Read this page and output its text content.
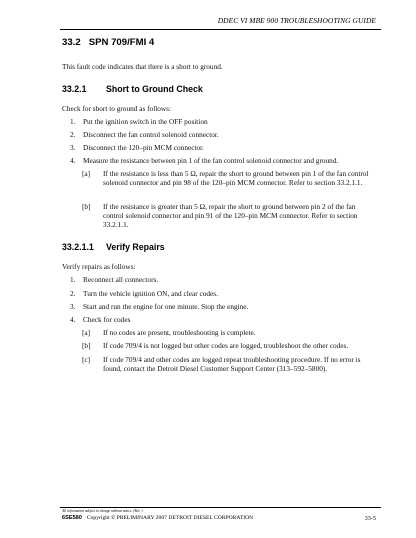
DDEC VI MBE 900 TROUBLESHOOTING GUIDE
33.2 SPN 709/FMI 4
This fault code indicates that there is a short to ground.
33.2.1 Short to Ground Check
Check for short to ground as follows:
1. Put the ignition switch in the OFF position
2. Disconnect the fan control solenoid connector.
3. Disconnect the 120–pin MCM connector.
4. Measure the resistance between pin 1 of the fan control solenoid connector and ground.
[a] If the resistance is less than 5 Ω, repair the short to ground between pin 1 of the fan control solenoid connector and pin 98 of the 120–pin MCM connector. Refer to section 33.2.1.1.
[b] If the resistance is greater than 5 Ω, repair the short to ground between pin 2 of the fan control solenoid connector and pin 91 of the 120–pin MCM connector. Refer to section 33.2.1.1.
33.2.1.1 Verify Repairs
Verify repairs as follows:
1. Reconnect all connectors.
2. Turn the vehicle ignition ON, and clear codes.
3. Start and run the engine for one minute. Stop the engine.
4. Check for codes
[a] If no codes are present, troubleshooting is complete.
[b] If code 709/4 is not logged but other codes are logged, troubleshoot the other codes.
[c] If code 709/4 and other codes are logged repeat troubleshooting procedure. If no error is found, contact the Detroit Diesel Customer Support Center (313–592–5800).
All information subject to change without notice. (Rev. )
6SE580 Copyright © PRELIMINARY 2007 DETROIT DIESEL CORPORATION	33-5
